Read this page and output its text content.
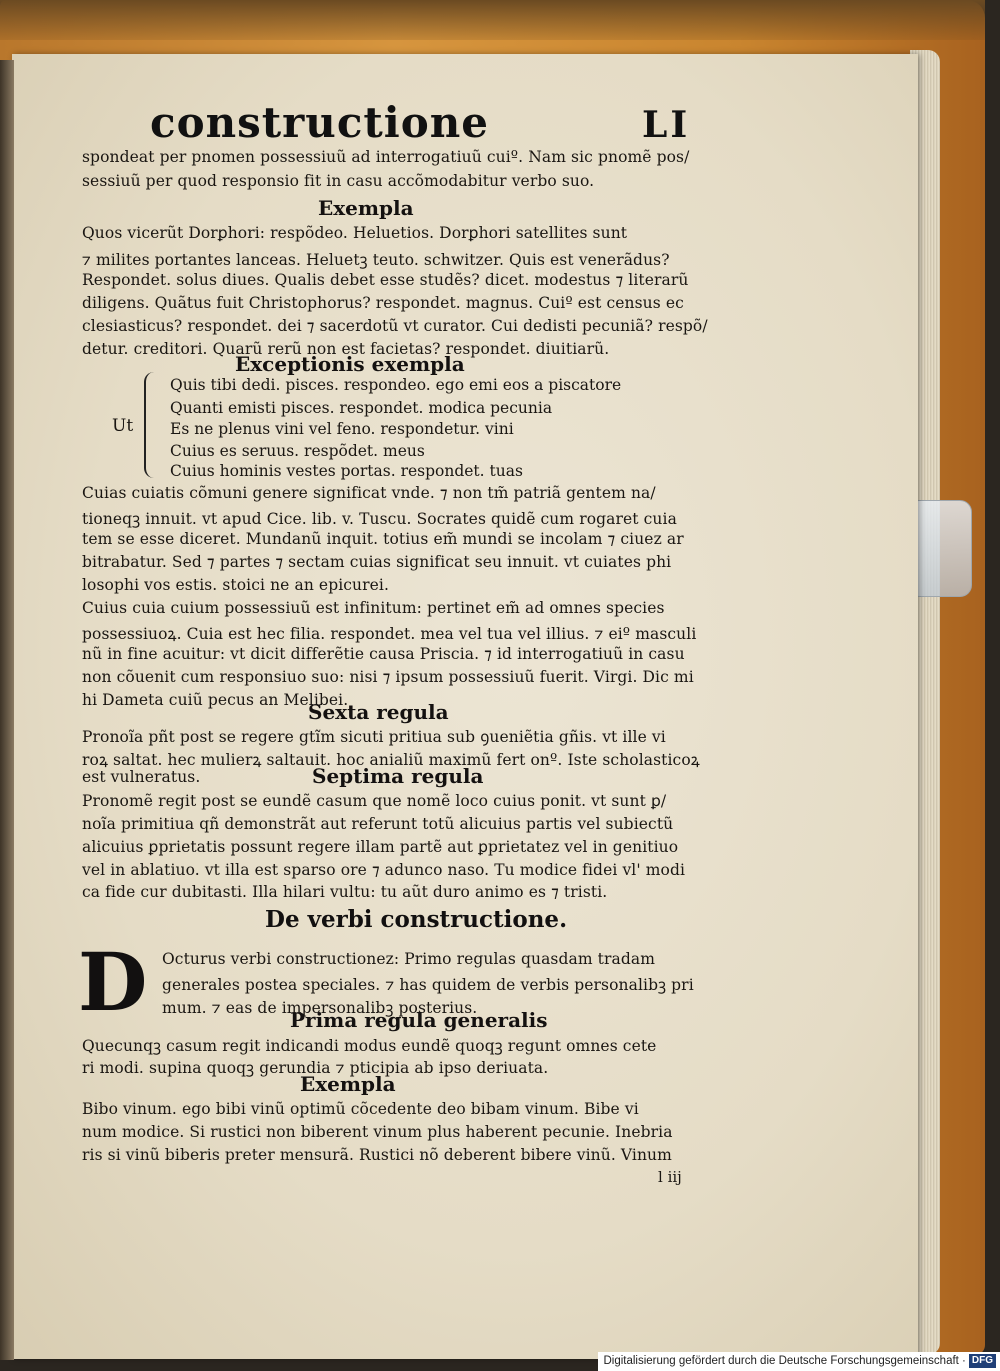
constructione	LI
spondeat per pnomen possessiuũ ad interrogatiuũ cuiº. Nam sic pnomẽ pos/
sessiuũ per quod responsio fit in casu accõmodabitur verbo suo.
Exempla
Quos vicerũt Dorꝑhori: respõdeo. Heluetios. Dorꝑhori satellites sunt
⁊ milites portantes lanceas. Heluetꝫ teuto. schwitzer. Quis est venerãdus?
Respondet. solus diues. Qualis debet esse studẽs? dicet. modestus ⁊ literarũ
diligens. Quãtus fuit Christophorus? respondet. magnus. Cuiº est census ec
clesiasticus? respondet. dei ⁊ sacerdotũ vt curator. Cui dedisti pecuniã? respõ/
detur. creditori. Quarũ rerũ non est facietas? respondet. diuitiarũ.
Exceptionis exempla
Ut
Quis tibi dedi. pisces. respondeo. ego emi eos a piscatore
Quanti emisti pisces. respondet. modica pecunia
Es ne plenus vini vel feno. respondetur. vini
Cuius es seruus. respõdet. meus
Cuius hominis vestes portas. respondet. tuas
Cuias cuiatis cõmuni genere significat vnde. ⁊ non tm̃ patriã gentem na/
tioneqꝫ innuit. vt apud Cice. lib. v. Tuscu. Socrates quidẽ cum rogaret cuia
tem se esse diceret. Mundanũ inquit. totius em̃ mundi se incolam ⁊ ciuez ar
bitrabatur. Sed ⁊ partes ⁊ sectam cuias significat seu innuit. vt cuiates phi
losophi vos estis. stoici ne an epicurei.
Cuius cuia cuium possessiuũ est infinitum: pertinet em̃ ad omnes species
possessiuoꝝ. Cuia est hec filia. respondet. mea vel tua vel illius. ⁊ eiº masculi
nũ in fine acuitur: vt dicit differẽtie causa Priscia. ⁊ id interrogatiuũ in casu
non cõuenit cum responsiuo suo: nisi ⁊ ipsum possessiuũ fuerit. Virgi. Dic mi
hi Dameta cuiũ pecus an Melibei.
Sexta regula
Pronoĩa pñt post se regere gtĩm sicuti pritiua sub ꝯueniẽtia gñis. vt ille vi
roꝝ saltat. hec mulierꝝ saltauit. hoc anialiũ maximũ fert onº. Iste scholasticoꝝ
est vulneratus.	Septima regula
Pronomẽ regit post se eundẽ casum que nomẽ loco cuius ponit. vt sunt ꝑ/
noĩa primitiua qñ demonstrãt aut referunt totũ alicuius partis vel subiectũ
alicuius ꝑprietatis possunt regere illam partẽ aut ꝑprietatez vel in genitiuo
vel in ablatiuo. vt illa est sparso ore ⁊ adunco naso. Tu modice fidei vl' modi
ca fide cur dubitasti. Illa hilari vultu: tu aũt duro animo es ⁊ tristi.
De verbi constructione.
D Octurus verbi constructionez: Primo regulas quasdam tradam
generales postea speciales. ⁊ has quidem de verbis personalibꝫ pri
mum. ⁊ eas de impersonalibꝫ posterius.
Prima regula generalis
Quecunqꝫ casum regit indicandi modus eundẽ quoqꝫ regunt omnes cete
ri modi. supina quoqꝫ gerundia ⁊ pticipia ab ipso deriuata.
Exempla
Bibo vinum. ego bibi vinũ optimũ cõcedente deo bibam vinum. Bibe vi
num modice. Si rustici non biberent vinum plus haberent pecunie. Inebria
ris si vinũ biberis preter mensurã. Rustici nõ deberent bibere vinũ. Vinum
l iij
Digitalisierung gefördert durch die Deutsche Forschungsgemeinschaft · DFG
